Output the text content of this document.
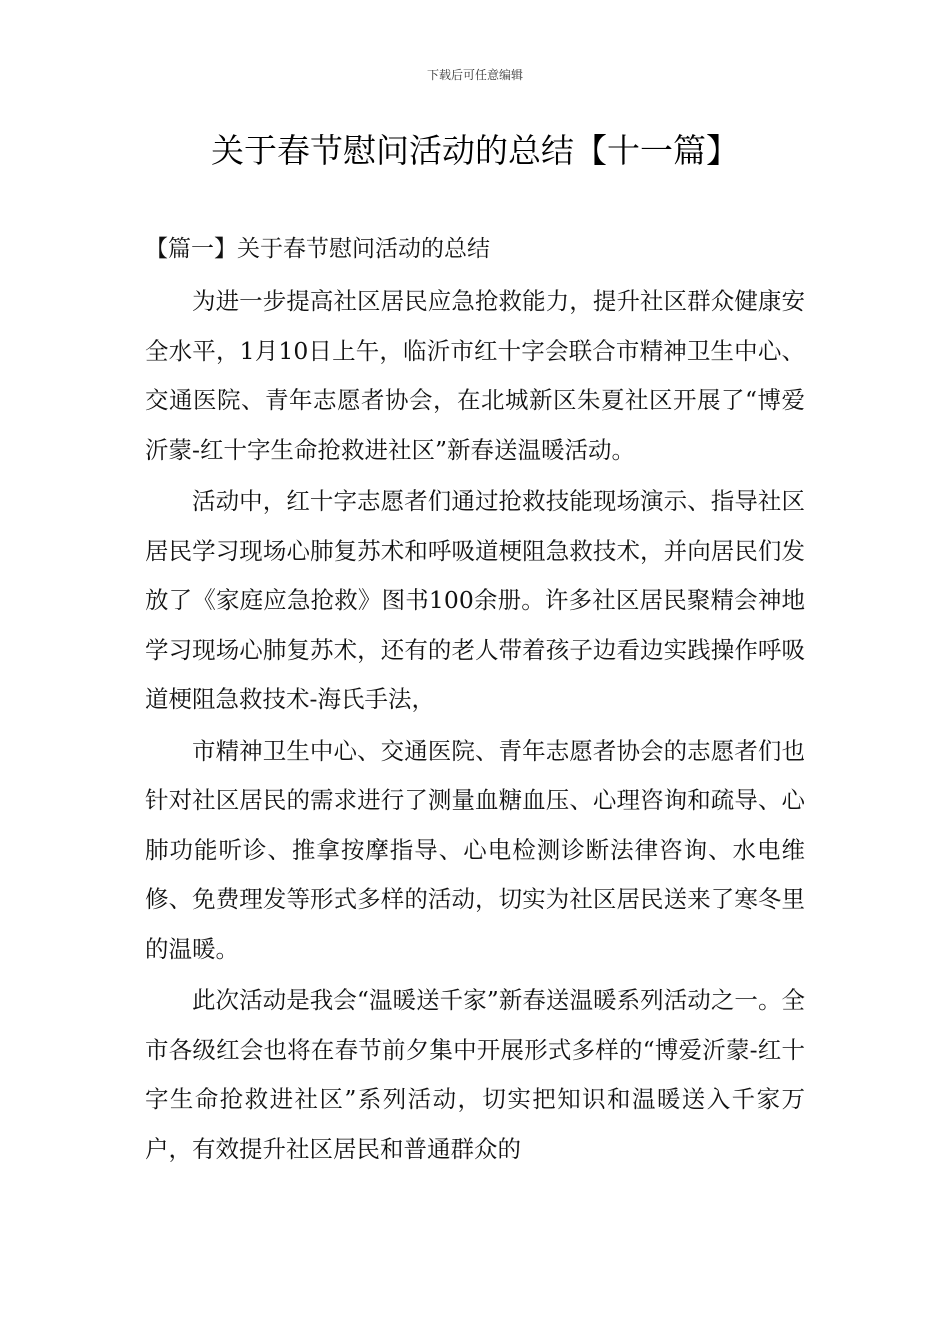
下载后可任意编辑
关于春节慰问活动的总结【十一篇】
【篇一】关于春节慰问活动的总结

为进一步提高社区居民应急抢救能力，提升社区群众健康安全水平，1月10日上午，临沂市红十字会联合市精神卫生中心、交通医院、青年志愿者协会，在北城新区朱夏社区开展了“博爱沂蒙-红十字生命抢救进社区”新春送温暖活动。

活动中，红十字志愿者们通过抢救技能现场演示、指导社区居民学习现场心肺复苏术和呼吸道梗阻急救技术，并向居民们发放了《家庭应急抢救》图书100余册。许多社区居民聚精会神地学习现场心肺复苏术，还有的老人带着孩子边看边实践操作呼吸道梗阻急救技术-海氏手法，

市精神卫生中心、交通医院、青年志愿者协会的志愿者们也针对社区居民的需求进行了测量血糖血压、心理咨询和疏导、心肺功能听诊、推拿按摩指导、心电检测诊断法律咨询、水电维修、免费理发等形式多样的活动，切实为社区居民送来了寒冬里的温暖。

此次活动是我会“温暖送千家”新春送温暖系列活动之一。全市各级红会也将在春节前夕集中开展形式多样的“博爱沂蒙-红十字生命抢救进社区”系列活动，切实把知识和温暖送入千家万户，有效提升社区居民和普通群众的
